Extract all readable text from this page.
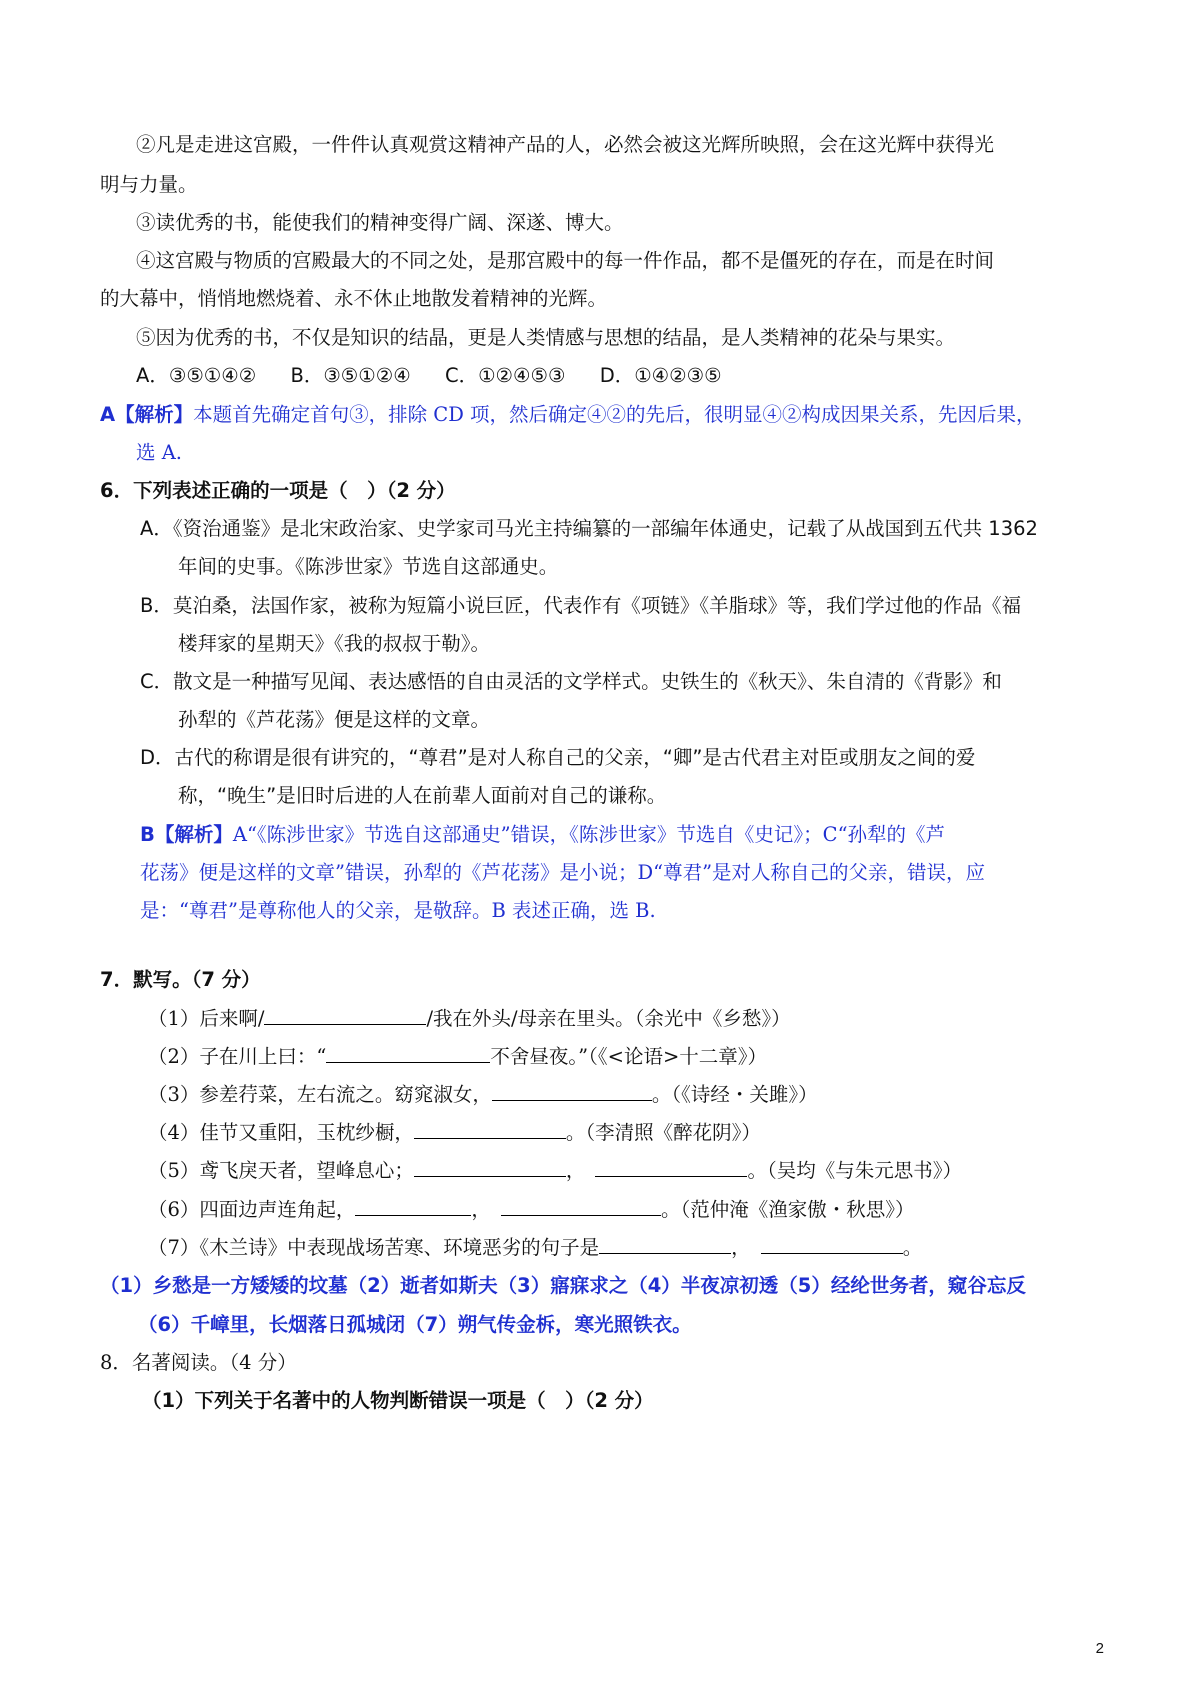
②凡是走进这宫殿，一件件认真观赏这精神产品的人，必然会被这光辉所映照，会在这光辉中获得光
明与力量。
③读优秀的书，能使我们的精神变得广阔、深遂、博大。
④这宫殿与物质的宫殿最大的不同之处，是那宫殿中的每一件作品，都不是僵死的存在，而是在时间
的大幕中，悄悄地燃烧着、永不休止地散发着精神的光辉。
⑤因为优秀的书，不仅是知识的结晶，更是人类情感与思想的结晶，是人类精神的花朵与果实。
A．③⑤①④② B．③⑤①②④ C．①②④⑤③ D．①④②③⑤
A【解析】本题首先确定首句③，排除 CD 项，然后确定④②的先后，很明显④②构成因果关系，先因后果，
选 A.
6．下列表述正确的一项是（　）（2 分）
A．《资治通鉴》是北宋政治家、史学家司马光主持编纂的一部编年体通史，记载了从战国到五代共 1362
年间的史事。《陈涉世家》节选自这部通史。
B．莫泊桑，法国作家，被称为短篇小说巨匠，代表作有《项链》《羊脂球》等，我们学过他的作品《福
楼拜家的星期天》《我的叔叔于勒》。
C．散文是一种描写见闻、表达感悟的自由灵活的文学样式。史铁生的《秋天》、朱自清的《背影》和
孙犁的《芦花荡》便是这样的文章。
D．古代的称谓是很有讲究的，“尊君”是对人称自己的父亲，“卿”是古代君主对臣或朋友之间的爱
称，“晚生”是旧时后进的人在前辈人面前对自己的谦称。
B【解析】A“《陈涉世家》节选自这部通史”错误，《陈涉世家》节选自《史记》；C“孙犁的《芦
花荡》便是这样的文章”错误，孙犁的《芦花荡》是小说；D“尊君”是对人称自己的父亲，错误，应
是：“尊君”是尊称他人的父亲，是敬辞。B 表述正确，选 B.
7．默写。（7 分）
（1）后来啊/	/我在外头/母亲在里头。（余光中《乡愁》）
（2）子在川上曰：“	不舍昼夜。”（《<论语>十二章》）
（3）参差荇菜，左右流之。窈窕淑女，	。（《诗经・关雎》）
（4）佳节又重阳，玉枕纱橱，	。（李清照《醉花阴》）
（5）鸢飞戾天者，望峰息心；	，	。（吴均《与朱元思书》）
（6）四面边声连角起，	，	。（范仲淹《渔家傲・秋思》）
（7）《木兰诗》中表现战场苦寒、环境恶劣的句子是	，	。
（1）乡愁是一方矮矮的坟墓（2）逝者如斯夫（3）寤寐求之（4）半夜凉初透（5）经纶世务者，窥谷忘反
（6）千嶂里，长烟落日孤城闭（7）朔气传金柝，寒光照铁衣。
8．名著阅读。（4 分）
（1）下列关于名著中的人物判断错误一项是（　）（2 分）
2
